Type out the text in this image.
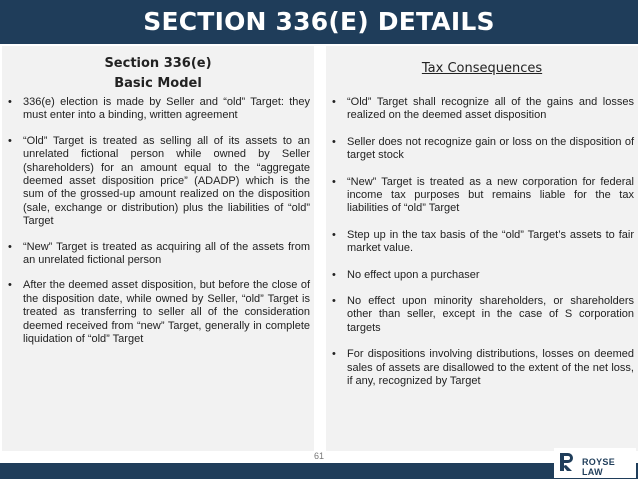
SECTION 336(E) DETAILS
Section 336(e)
Basic Model
• 336(e) election is made by Seller and “old” Target: they must enter into a binding, written agreement
• “Old” Target is treated as selling all of its assets to an unrelated fictional person while owned by Seller (shareholders) for an amount equal to the “aggregate deemed asset disposition price” (ADADP) which is the sum of the grossed-up amount realized on the disposition (sale, exchange or distribution) plus the liabilities of “old” Target
• “New” Target is treated as acquiring all of the assets from an unrelated fictional person
• After the deemed asset disposition, but before the close of the disposition date, while owned by Seller, “old” Target is treated as transferring to seller all of the consideration deemed received from “new” Target, generally in complete liquidation of “old” Target
Tax Consequences
• “Old” Target shall recognize all of the gains and losses realized on the deemed asset disposition
• Seller does not recognize gain or loss on the disposition of target stock
• “New” Target is treated as a new corporation for federal income tax purposes but remains liable for the tax liabilities of “old” Target
• Step up in the tax basis of the “old” Target’s assets to fair market value.
• No effect upon a purchaser
• No effect upon minority shareholders, or shareholders other than seller, except in the case of S corporation targets
• For dispositions involving distributions, losses on deemed sales of assets are disallowed to the extent of the net loss, if any, recognized by Target
61
ROYSE LAW
